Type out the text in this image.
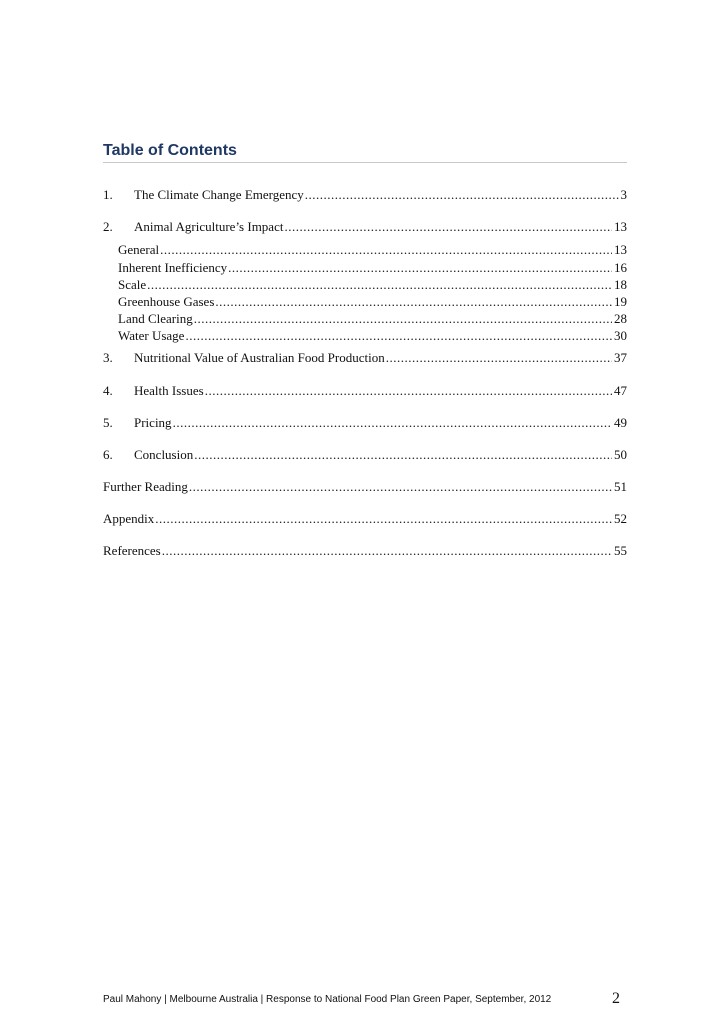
Table of Contents
1.	The Climate Change Emergency .....	3
2.	Animal Agriculture’s Impact .....	13
General .....	13
Inherent Inefficiency .....	16
Scale .....	18
Greenhouse Gases .....	19
Land Clearing .....	28
Water Usage .....	30
3.	Nutritional Value of Australian Food Production .....	37
4.	Health Issues .....	47
5.	Pricing .....	49
6.	Conclusion .....	50
Further Reading .....	51
Appendix .....	52
References .....	55
Paul Mahony | Melbourne Australia | Response to National Food Plan Green Paper, September, 2012	2
